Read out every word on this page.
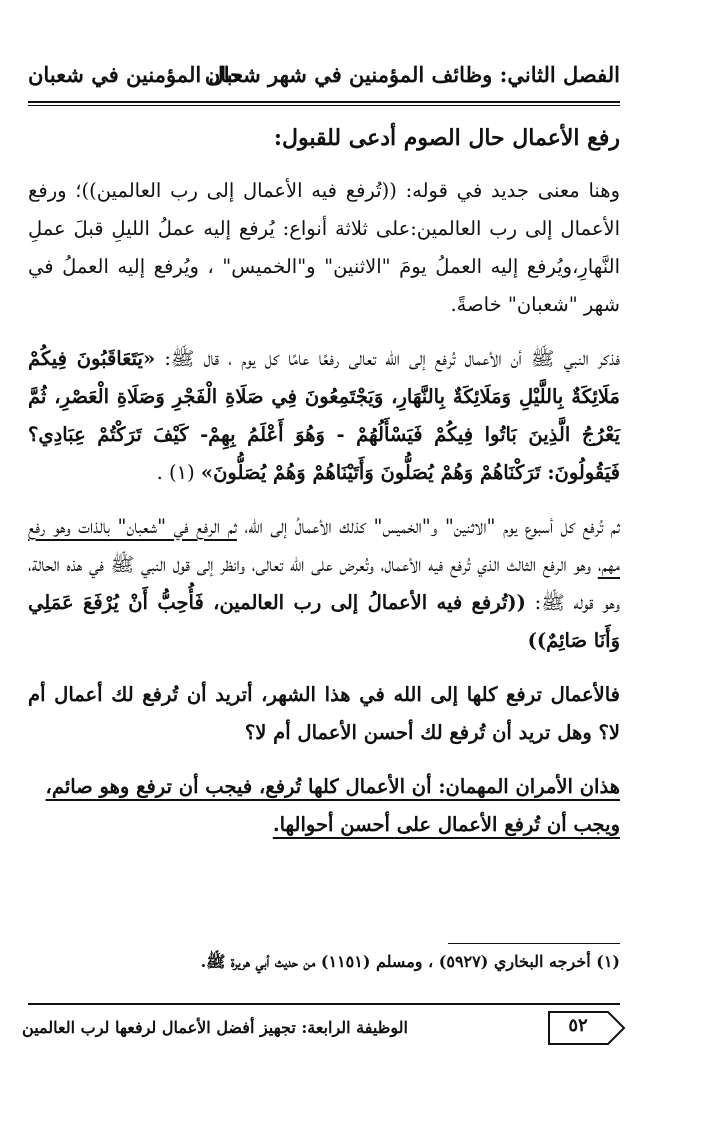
الفصل الثاني: وظائف المؤمنين في شهر شعبان
حال المؤمنين في شعبان
رفع الأعمال حال الصوم أدعى للقبول:

وهنا معنى جديد في قوله: ((تُرفع فيه الأعمال إلى رب العالمين))؛ ورفع الأعمال إلى رب العالمين:على ثلاثة أنواع: يُرفع إليه عملُ الليلِ قبلَ عملِ النَّهارِ،ويُرفع إليه العملُ يومَ "الاثنين" و"الخميس" ، ويُرفع إليه العملُ في شهر "شعبان" خاصةً.

فذكر النبي ﷺ أن الأعمال تُرفع إلى الله تعالى رفعًا عامًا كل يوم ، قال ﷺ: «يَتَعَاقَبُونَ فِيكُمْ مَلَائِكَةٌ بِاللَّيْلِ وَمَلَائِكَةٌ بِالنَّهَارِ، وَيَجْتَمِعُونَ فِي صَلَاةِ الْفَجْرِ وَصَلَاةِ الْعَصْرِ، ثُمَّ يَعْرُجُ الَّذِينَ بَاتُوا فِيكُمْ فَيَسْأَلُهُمْ - وَهُوَ أَعْلَمُ بِهِمْ- كَيْفَ تَرَكْتُمْ عِبَادِي؟ فَيَقُولُونَ: تَرَكْنَاهُمْ وَهُمْ يُصَلُّونَ وَأَتَيْنَاهُمْ وَهُمْ يُصَلُّونَ» (١) .

ثم تُرفع كل أسبوع يوم "الاثنين" و"الخميس" كذلك الأعمالُ إلى الله، ثم الرفع في "شعبان" بالذات وهو رفع مهم، وهو الرفع الثالث الذي تُرفع فيه الأعمال، وتُعرض على الله تعالى، وانظر إلى قول النبي ﷺ في هذه الحالة، وهو قوله ﷺ: ((تُرفع فيه الأعمالُ إلى رب العالمين، فَأُحِبُّ أَنْ يُرْفَعَ عَمَلِي وَأَنَا صَائِمٌ))

فالأعمال ترفع كلها إلى الله في هذا الشهر، أتريد أن تُرفع لك أعمال أم لا؟ وهل تريد أن تُرفع لك أحسن الأعمال أم لا؟

هذان الأمران المهمان: أن الأعمال كلها تُرفع، فيجب أن ترفع وهو صائم،
ويجب أن تُرفع الأعمال على أحسن أحوالها.

(١) أخرجه البخاري (٥٩٢٧) ، ومسلم (١١٥١) من حديث أبي هريرة ﷺ.
الوظيفة الرابعة: تجهيز أفضل الأعمال لرفعها لرب العالمين	٥٢
